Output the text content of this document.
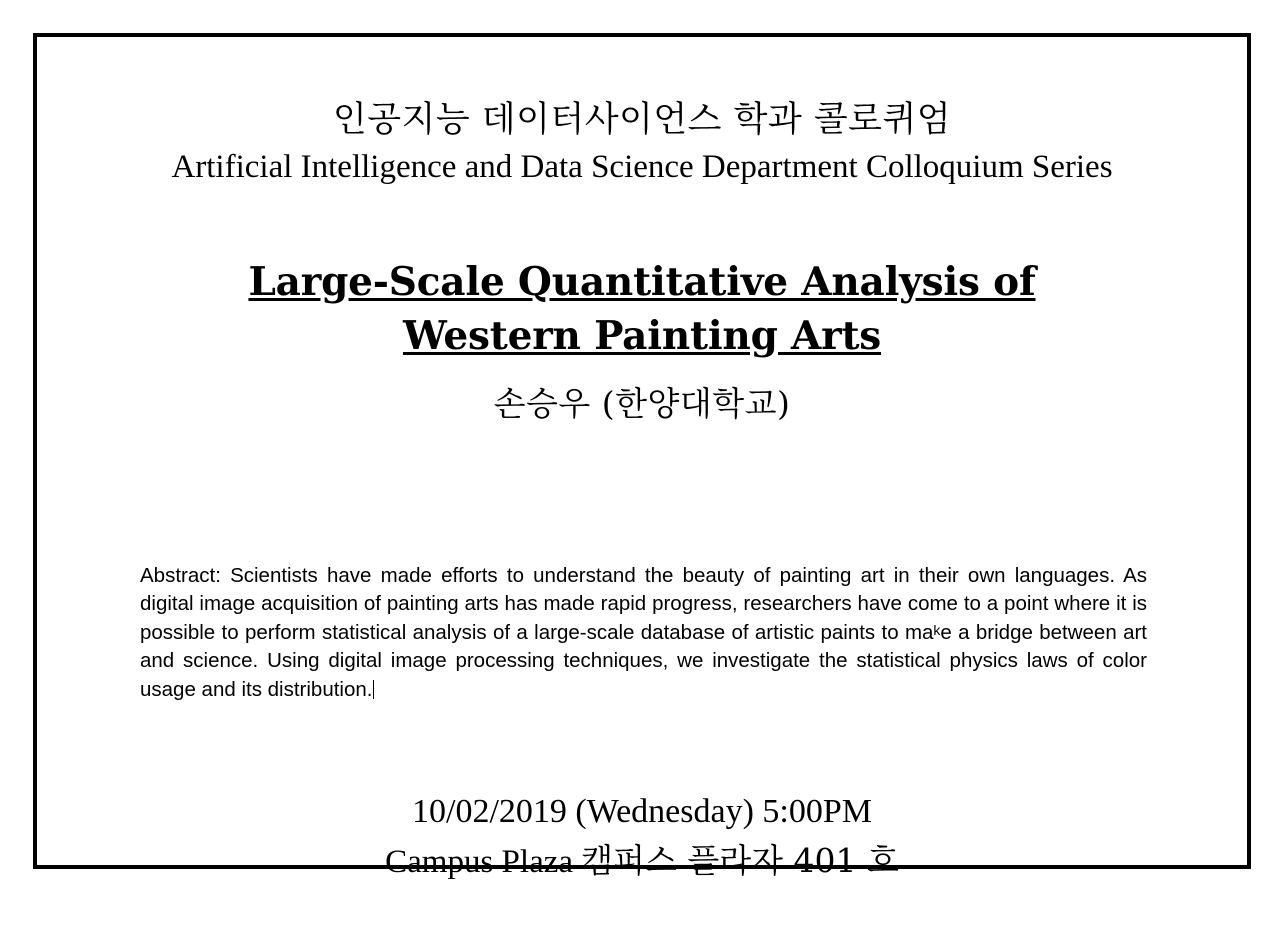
인공지능 데이터사이언스 학과 콜로퀴엄
Artificial Intelligence and Data Science Department Colloquium Series
Large-Scale Quantitative Analysis of
Western Painting Arts
손승우 (한양대학교)
Abstract: Scientists have made efforts to understand the beauty of painting art in their own languages. As digital image acquisition of painting arts has made rapid progress, researchers have come to a point where it is possible to perform statistical analysis of a large-scale database of artistic paints to make a bridge between art and science. Using digital image processing techniques, we investigate the statistical physics laws of color usage and its distribution.
10/02/2019 (Wednesday) 5:00PM
Campus Plaza 캠퍼스 플라자 401 호
